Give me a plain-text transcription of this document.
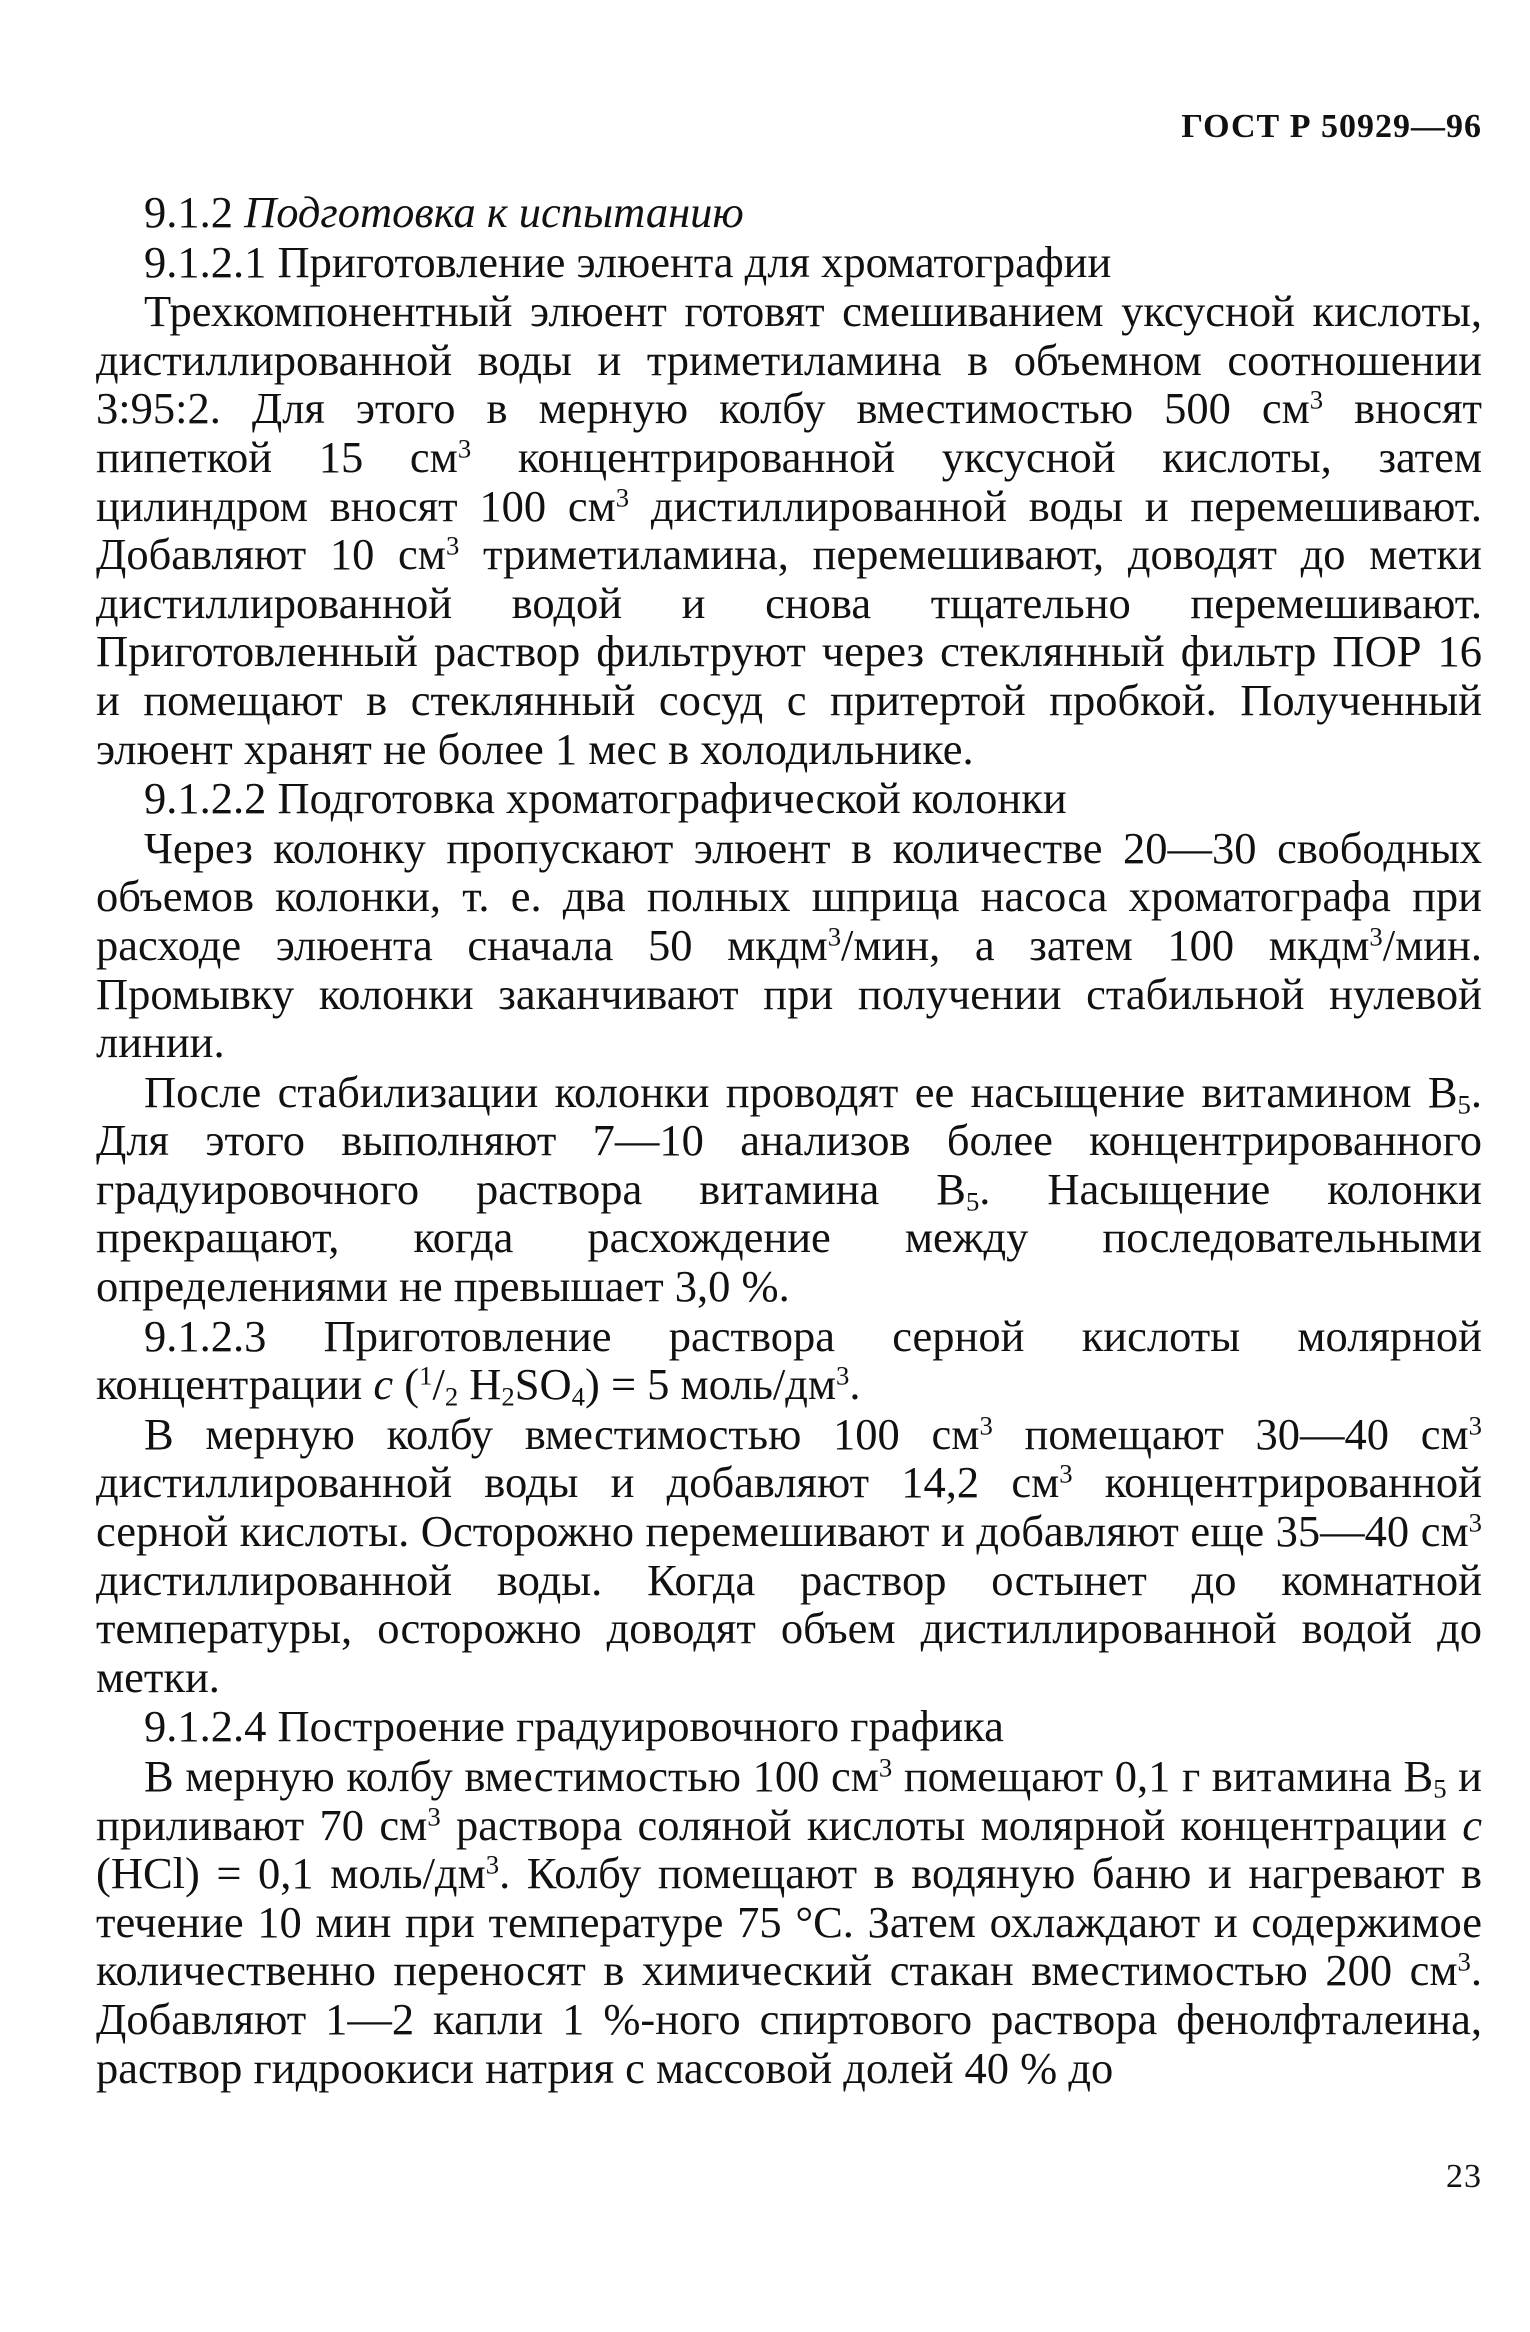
ГОСТ Р 50929—96

9.1.2 Подготовка к испытанию

9.1.2.1 Приготовление элюента для хроматографии

Трехкомпонентный элюент готовят смешиванием уксусной кислоты, дистиллированной воды и триметиламина в объемном соотношении 3:95:2. Для этого в мерную колбу вместимостью 500 $см^3$ вносят пипеткой 15 $см^3$ концентрированной уксусной кислоты, затем цилиндром вносят 100 $см^3$ дистиллированной воды и перемешивают. Добавляют 10 $см^3$ триметиламина, перемешивают, доводят до метки дистиллированной водой и снова тщательно перемешивают. Приготовленный раствор фильтруют через стеклянный фильтр ПОР 16 и помещают в стеклянный сосуд с притертой пробкой. Полученный элюент хранят не более 1 мес в холодильнике.

9.1.2.2 Подготовка хроматографической колонки

Через колонку пропускают элюент в количестве 20—30 свободных объемов колонки, т. е. два полных шприца насоса хроматографа при расходе элюента сначала 50 мкдм$^3$/мин, а затем 100 мкдм$^3$/мин. Промывку колонки заканчивают при получении стабильной нулевой линии.

После стабилизации колонки проводят ее насыщение витамином $B_5$. Для этого выполняют 7—10 анализов более концентрированного градуировочного раствора витамина $B_5$. Насыщение колонки прекращают, когда расхождение между последовательными определениями не превышает 3,0 %.

9.1.2.3 Приготовление раствора серной кислоты молярной концентрации с ($^1/_2$ $H_2SO_4) = 5$ моль/$дм^3$.

В мерную колбу вместимостью 100 $см^3$ помещают 30—40 $см^3$ дистиллированной воды и добавляют 14,2 $см^3$ концентрированной серной кислоты. Осторожно перемешивают и добавляют еще 35—40 $см^3$ дистиллированной воды. Когда раствор остынет до комнатной температуры, осторожно доводят объем дистиллированной водой до метки.

9.1.2.4 Построение градуировочного графика

В мерную колбу вместимостью 100 $см^3$ помещают 0,1 г витамина $B_5$ и приливают 70 $см^3$ раствора соляной кислоты молярной концентрации с (HCl) = 0,1 моль/$дм^3$. Колбу помещают в водяную баню и нагревают в течение 10 мин при температуре 75 °С. Затем охлаждают и содержимое количественно переносят в химический стакан вместимостью 200 $см^3$. Добавляют 1—2 капли 1 %-ного спиртового раствора фенолфталеина, раствор гидроокиси натрия с массовой долей 40 % до

23
